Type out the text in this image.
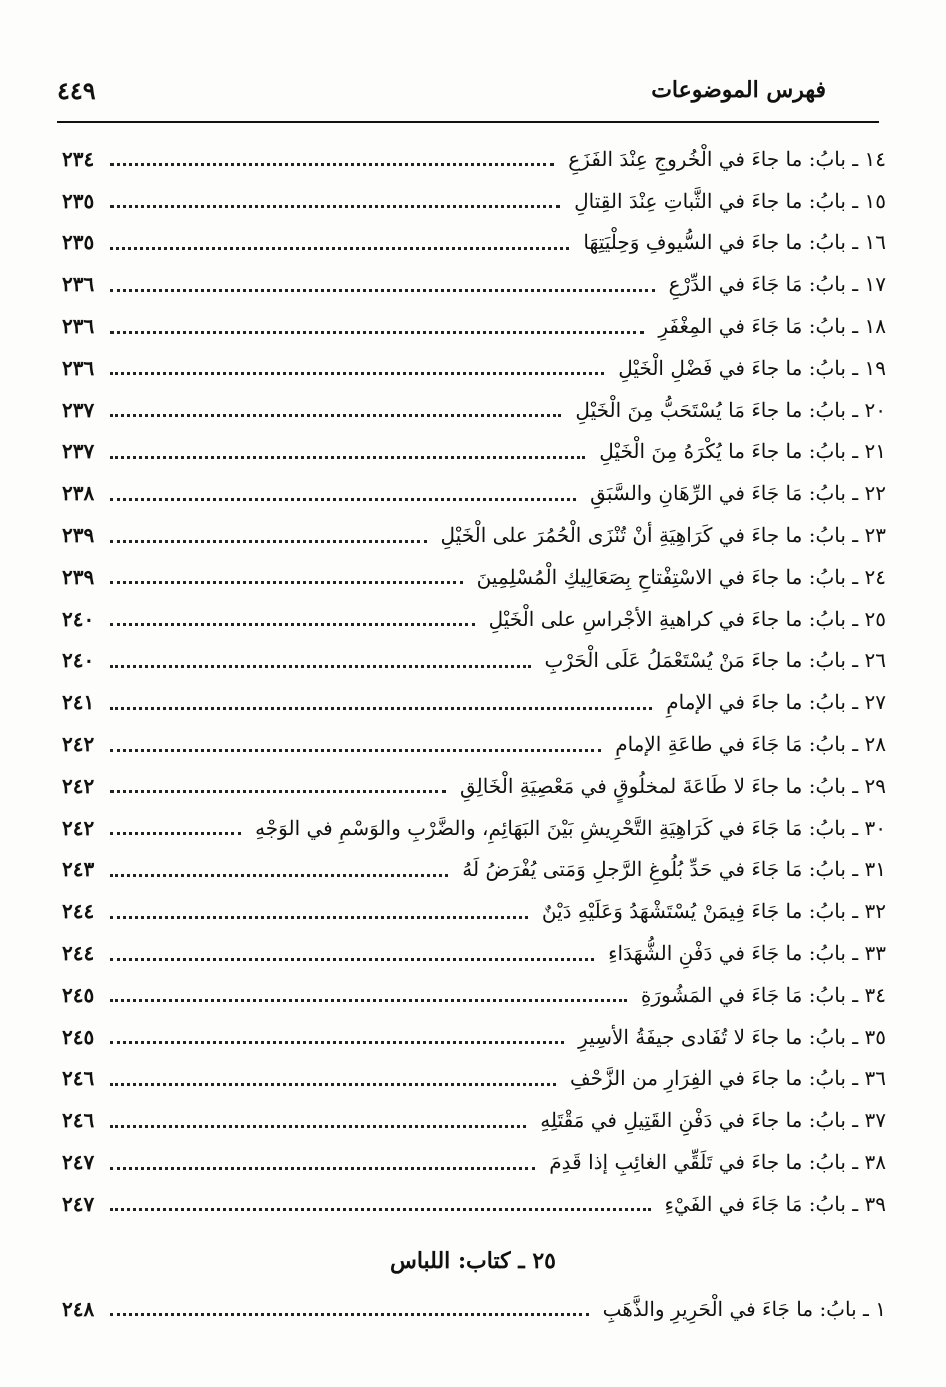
فهرس الموضوعات
٤٤٩
١٤ ـ بابُ: ما جاءَ في الْخُروجِ عِنْدَ الفَزَعِ
٢٣٤
١٥ ـ بابُ: ما جاءَ في الثَّباتِ عِنْدَ القِتالِ
٢٣٥
١٦ ـ بابُ: ما جاءَ في السُّيوفِ وَحِلْيَتِهَا
٢٣٥
١٧ ـ بابُ: مَا جَاءَ في الدِّرْعِ
٢٣٦
١٨ ـ بابُ: مَا جَاءَ في المِغْفَرِ
٢٣٦
١٩ ـ بابُ: ما جاءَ في فَضْلِ الْخَيْلِ
٢٣٦
٢٠ ـ بابُ: ما جاءَ مَا يُسْتَحَبُّ مِنَ الْخَيْلِ
٢٣٧
٢١ ـ بابُ: ما جاءَ ما يُكْرَهُ مِنَ الْخَيْلِ
٢٣٧
٢٢ ـ بابُ: مَا جَاءَ في الرِّهَانِ والسَّبَقِ
٢٣٨
٢٣ ـ بابُ: ما جاءَ في كَرَاهِيَةِ أنْ تُنْزَى الْحُمُرَ على الْخَيْلِ
٢٣٩
٢٤ ـ بابُ: ما جاءَ في الاسْتِفْتاحِ بِصَعَالِيكِ الْمُسْلِمِينَ
٢٣٩
٢٥ ـ بابُ: ما جاءَ في كراهيةِ الأجْراسِ على الْخَيْلِ
٢٤٠
٢٦ ـ بابُ: ما جاءَ مَنْ يُسْتَعْمَلُ عَلَى الْحَرْبِ
٢٤٠
٢٧ ـ بابُ: ما جاءَ في الإمامِ
٢٤١
٢٨ ـ بابُ: مَا جَاءَ في طاعَةِ الإمامِ
٢٤٢
٢٩ ـ بابُ: ما جاءَ لا طَاعَةَ لمخلُوقٍ في مَعْصِيَةِ الْخَالِقِ
٢٤٢
٣٠ ـ بابُ: مَا جَاءَ في كَرَاهِيَةِ التَّحْرِيشِ بَيْنَ البَهَائِمِ، والضَّرْبِ والوَسْمِ في الوَجْهِ
٢٤٢
٣١ ـ بابُ: مَا جَاءَ في حَدِّ بُلُوغِ الرَّجلِ وَمَتى يُفْرَضُ لَهُ
٢٤٣
٣٢ ـ بابُ: ما جَاءَ فِيمَنْ يُسْتَشْهَدُ وَعَلَيْهِ دَيْنٌ
٢٤٤
٣٣ ـ بابُ: ما جَاءَ في دَفْنِ الشُّهَدَاءِ
٢٤٤
٣٤ ـ بابُ: مَا جَاءَ في المَشُورَةِ
٢٤٥
٣٥ ـ بابُ: ما جاءَ لا تُفَادى جيفَةُ الأسِيرِ
٢٤٥
٣٦ ـ بابُ: ما جاءَ في الفِرَارِ من الزَّحْفِ
٢٤٦
٣٧ ـ بابُ: ما جاءَ في دَفْنِ القَتِيلِ في مَقْتَلِهِ
٢٤٦
٣٨ ـ بابُ: ما جاءَ في تَلَقِّي الغائِبِ إذا قَدِمَ
٢٤٧
٣٩ ـ بابُ: مَا جَاءَ في الفَيْءِ
٢٤٧
٢٥ ـ كتاب: اللباس
١ ـ بابُ: ما جَاءَ في الْحَرِيرِ والذَّهَبِ
٢٤٨
